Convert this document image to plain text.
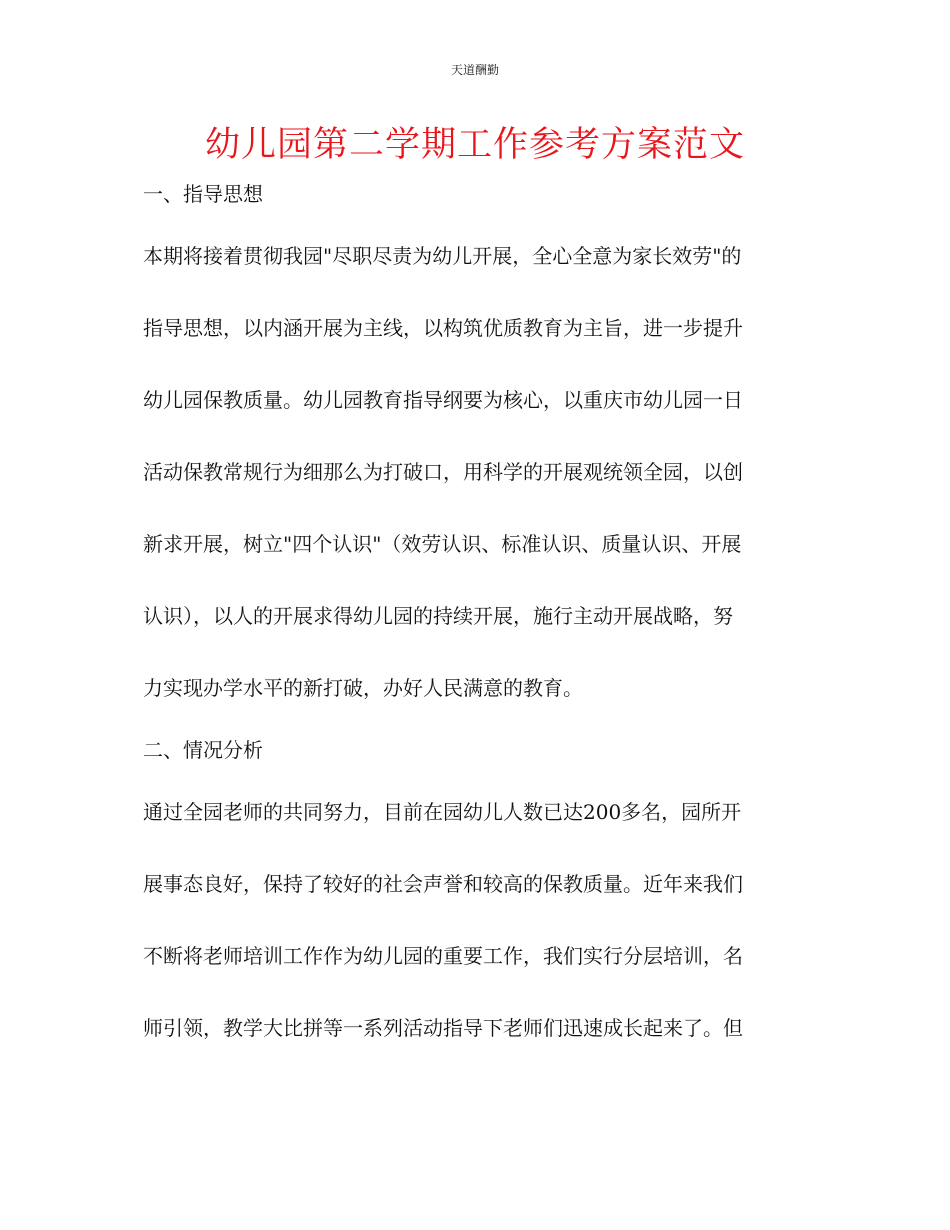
天道酬勤
幼儿园第二学期工作参考方案范文
一、指导思想

本期将接着贯彻我园"尽职尽责为幼儿开展，全心全意为家长效劳"的

指导思想，以内涵开展为主线，以构筑优质教育为主旨，进一步提升

幼儿园保教质量。幼儿园教育指导纲要为核心，以重庆市幼儿园一日

活动保教常规行为细那么为打破口，用科学的开展观统领全园，以创

新求开展，树立"四个认识"（效劳认识、标准认识、质量认识、开展

认识），以人的开展求得幼儿园的持续开展，施行主动开展战略，努

力实现办学水平的新打破，办好人民满意的教育。

二、情况分析

通过全园老师的共同努力，目前在园幼儿人数已达200多名，园所开

展事态良好，保持了较好的社会声誉和较高的保教质量。近年来我们

不断将老师培训工作作为幼儿园的重要工作，我们实行分层培训，名

师引领，教学大比拼等一系列活动指导下老师们迅速成长起来了。但
